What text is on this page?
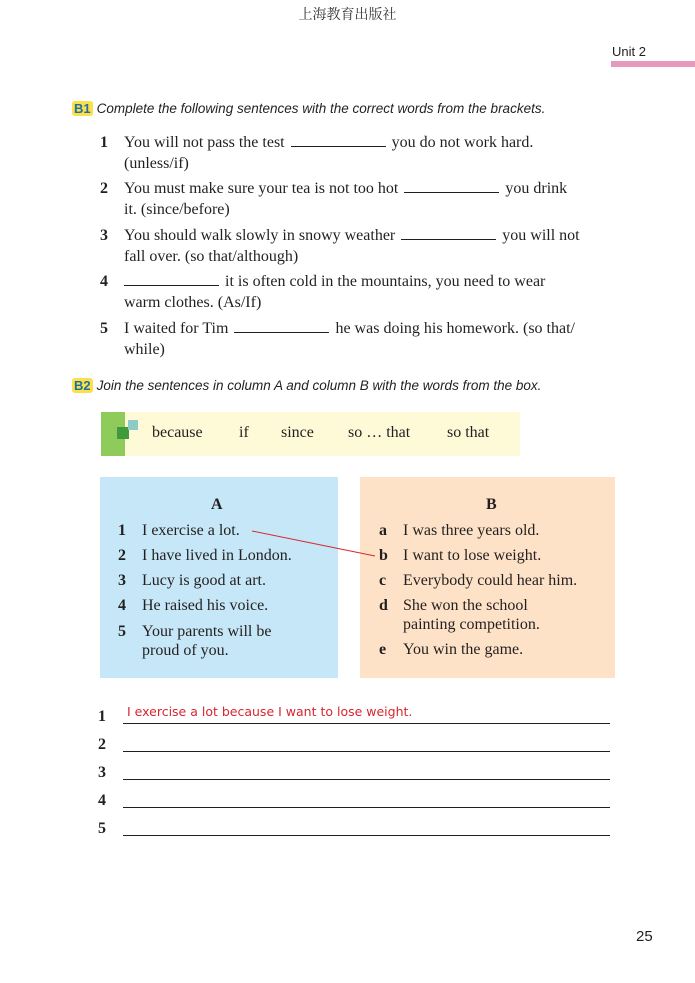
上海教育出版社
Unit 2
B1 Complete the following sentences with the correct words from the brackets.
1	You will not pass the test	you do not work hard.
(unless/if)
2	You must make sure your tea is not too hot	you drink
it. (since/before)
3	You should walk slowly in snowy weather	you will not
fall over. (so that/although)
4	it is often cold in the mountains, you need to wear
warm clothes. (As/If)
5	I waited for Tim	he was doing his homework. (so that/
while)
B2 Join the sentences in column A and column B with the words from the box.
because if since so … that so that
A	B
1 I exercise a lot.
2 I have lived in London.
3 Lucy is good at art.
4 He raised his voice.
5 Your parents will be
proud of you.
a I was three years old.
b I want to lose weight.
c Everybody could hear him.
d She won the school
painting competition.
e You win the game.
1 I exercise a lot because I want to lose weight.
2
3
4
5
25
